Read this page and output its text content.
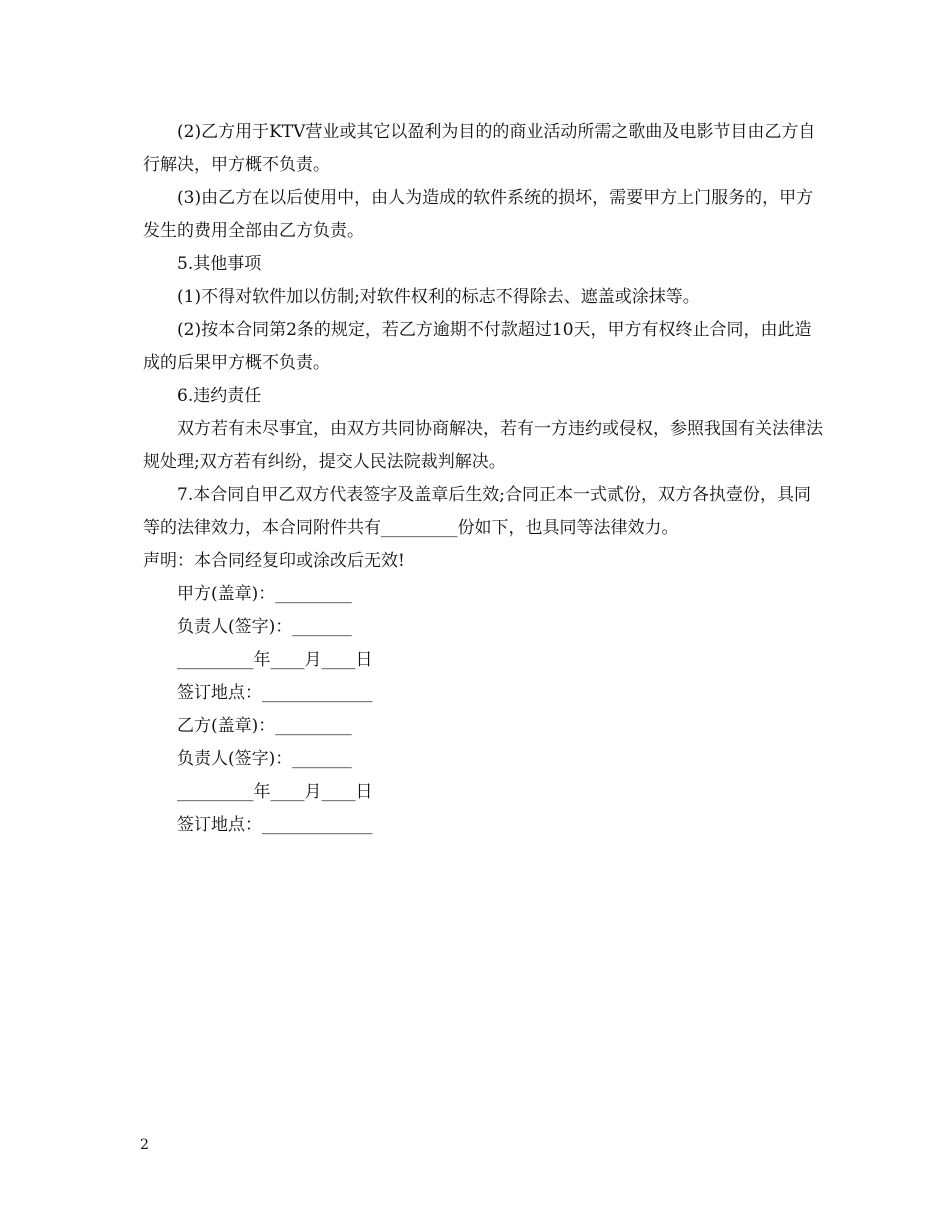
(2)乙方用于KTV营业或其它以盈利为目的的商业活动所需之歌曲及电影节目由乙方自行解决，甲方概不负责。

(3)由乙方在以后使用中，由人为造成的软件系统的损坏，需要甲方上门服务的，甲方发生的费用全部由乙方负责。

5.其他事项

(1)不得对软件加以仿制;对软件权利的标志不得除去、遮盖或涂抹等。

(2)按本合同第2条的规定，若乙方逾期不付款超过10天，甲方有权终止合同，由此造成的后果甲方概不负责。

6.违约责任

双方若有未尽事宜，由双方共同协商解决，若有一方违约或侵权，参照我国有关法律法规处理;双方若有纠纷，提交人民法院裁判解决。

7.本合同自甲乙双方代表签字及盖章后生效;合同正本一式贰份，双方各执壹份，具同等的法律效力，本合同附件共有_________份如下，也具同等法律效力。

声明：本合同经复印或涂改后无效!

甲方(盖章)：_________

负责人(签字)：_______

_________年____月____日

签订地点：_____________

乙方(盖章)：_________

负责人(签字)：_______

_________年____月____日

签订地点：_____________

2
